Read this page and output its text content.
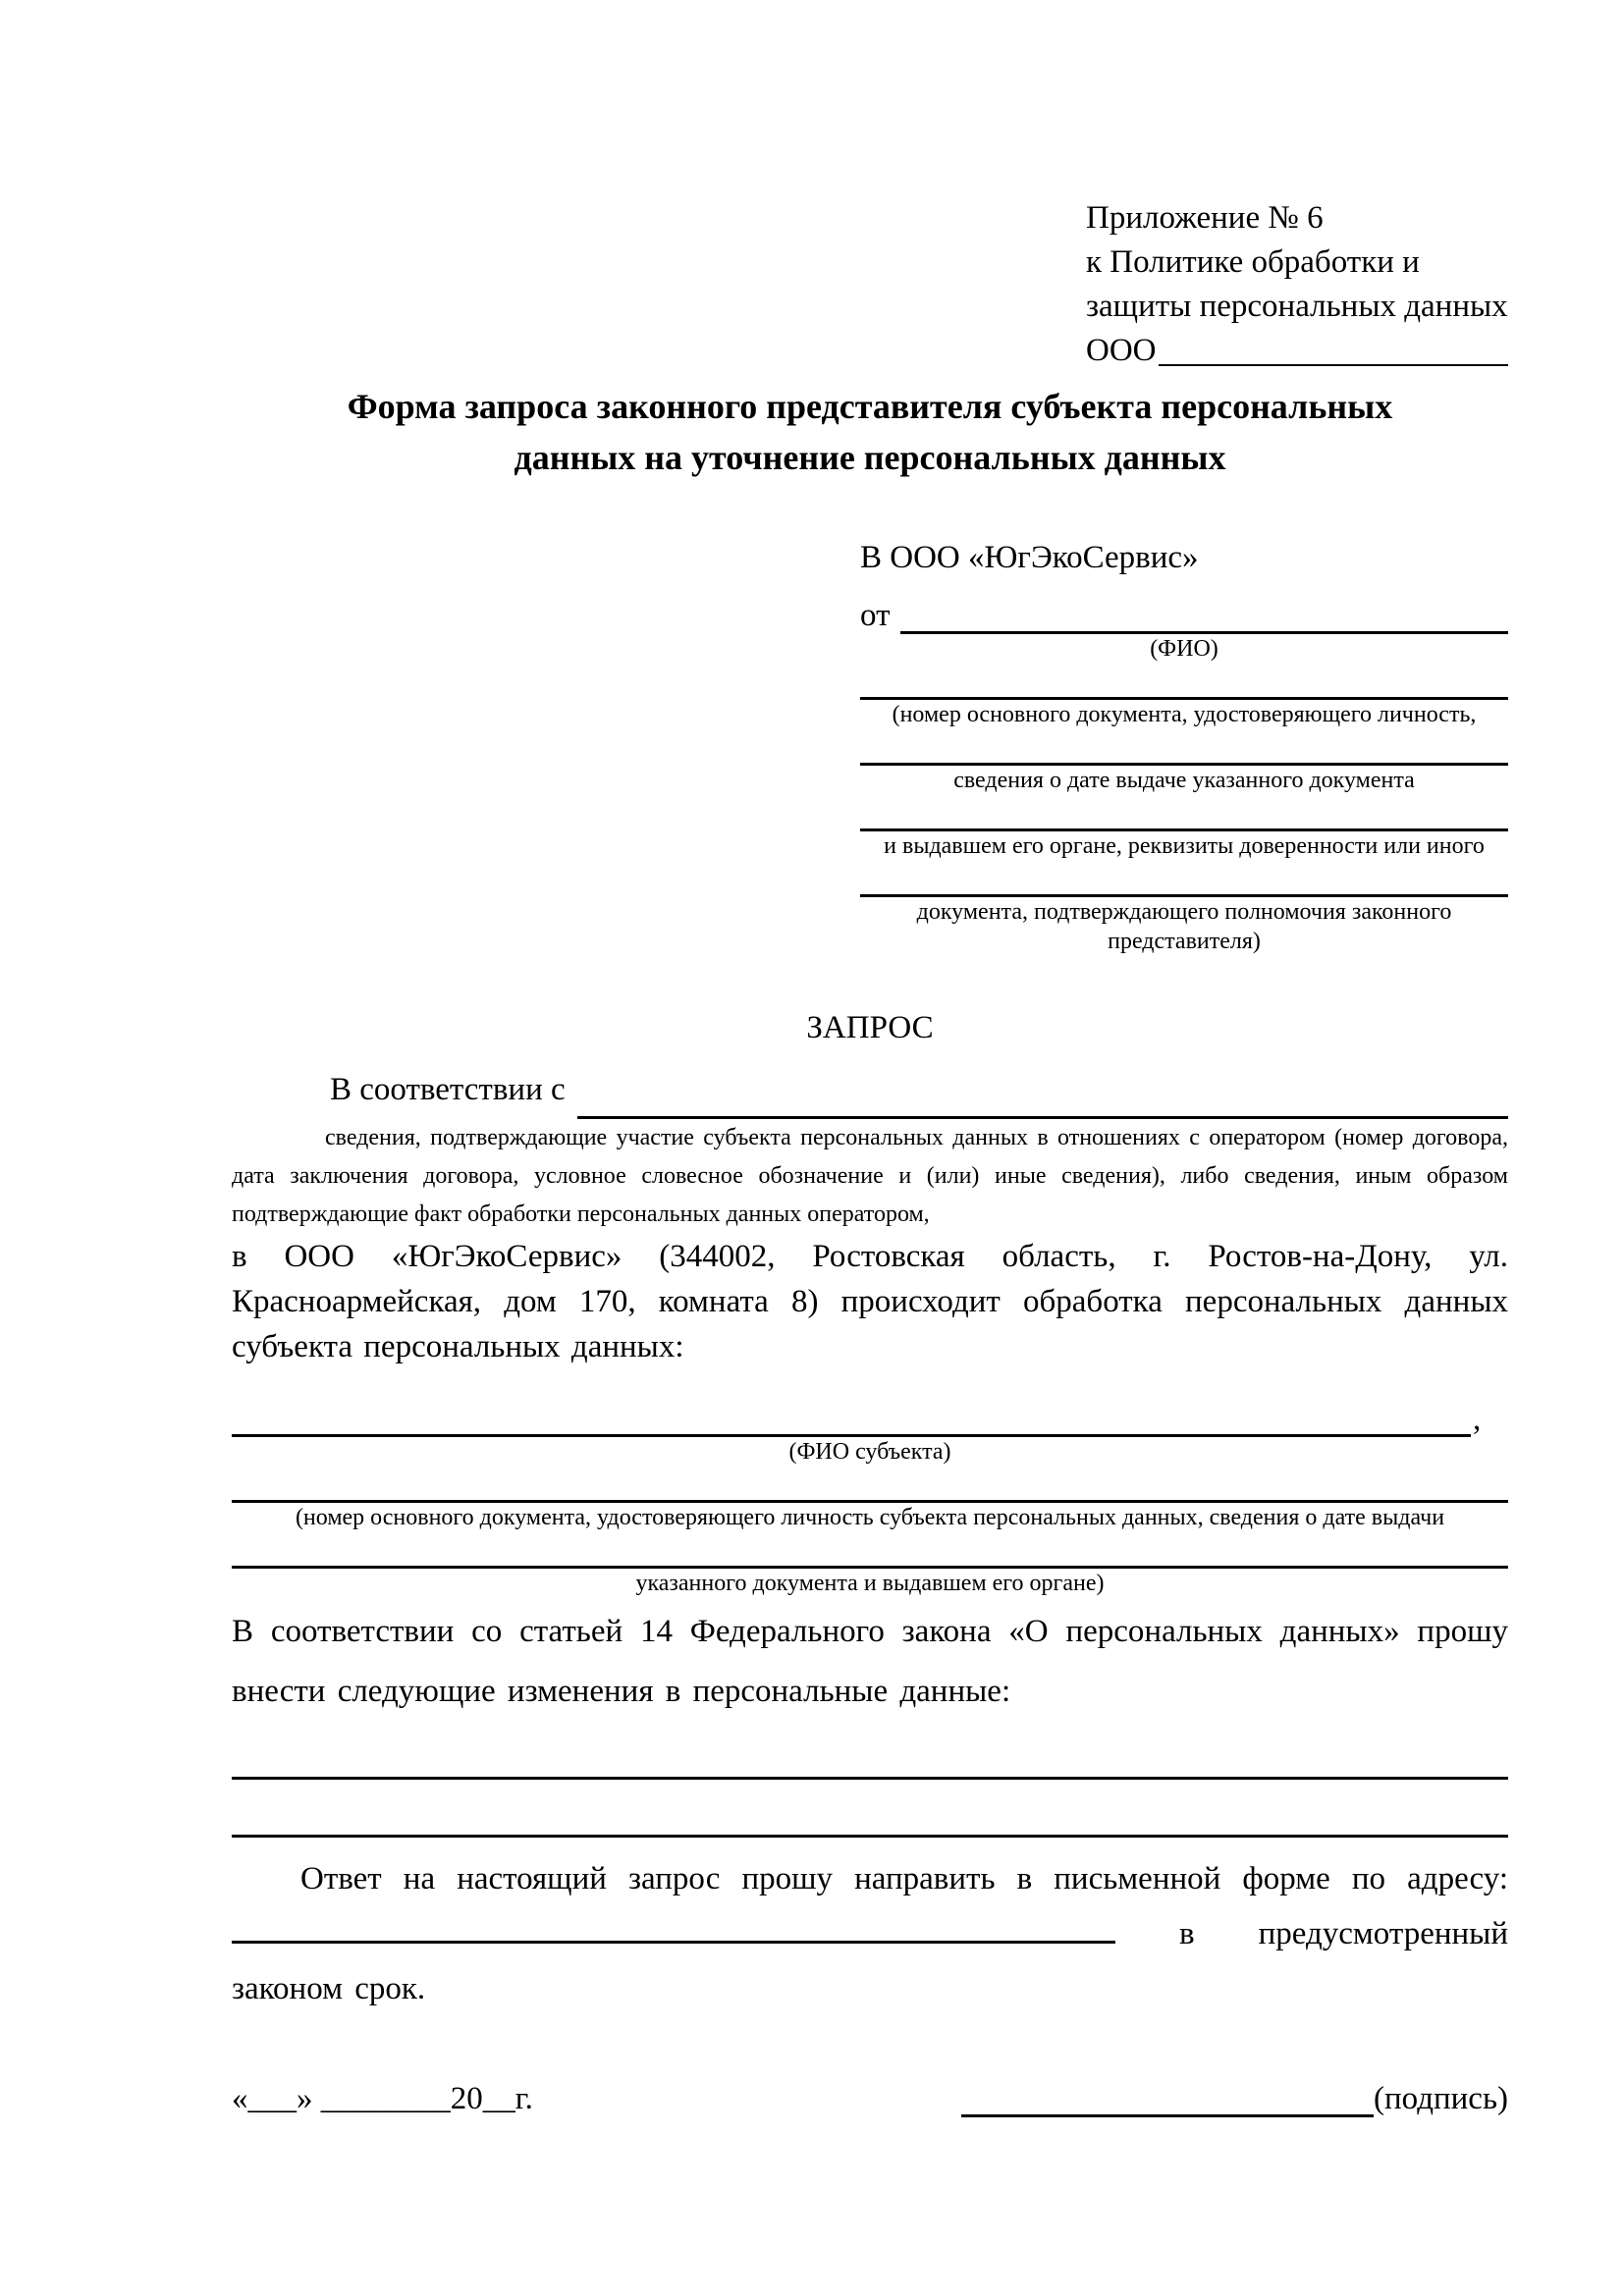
Приложение № 6
к Политике обработки и
защиты персональных данных
ООО
Форма запроса законного представителя субъекта персональных
данных на уточнение персональных данных
В ООО «ЮгЭкоСервис»
от
(ФИО)
(номер основного документа, удостоверяющего личность,
сведения о дате выдаче указанного документа
и выдавшем его органе, реквизиты доверенности или иного
документа, подтверждающего полномочия законного представителя)
ЗАПРОС
В соответствии с
сведения, подтверждающие участие субъекта персональных данных в отношениях с оператором (номер договора, дата заключения договора, условное словесное обозначение и (или) иные сведения), либо сведения, иным образом подтверждающие факт обработки персональных данных оператором,
в ООО «ЮгЭкоСервис» (344002, Ростовская область, г. Ростов-на-Дону, ул. Красноармейская, дом 170, комната 8) происходит обработка персональных данных субъекта персональных данных:
,
(ФИО субъекта)
(номер основного документа, удостоверяющего личность субъекта персональных данных, сведения о дате выдачи
указанного документа и выдавшем его органе)
В соответствии со статьей 14 Федерального закона «О персональных данных» прошу внести следующие изменения в персональные данные:
Ответ на настоящий запрос прошу направить в письменной форме по адресу:  в предусмотренный законом срок.
«___» ________20__г.	(подпись)
